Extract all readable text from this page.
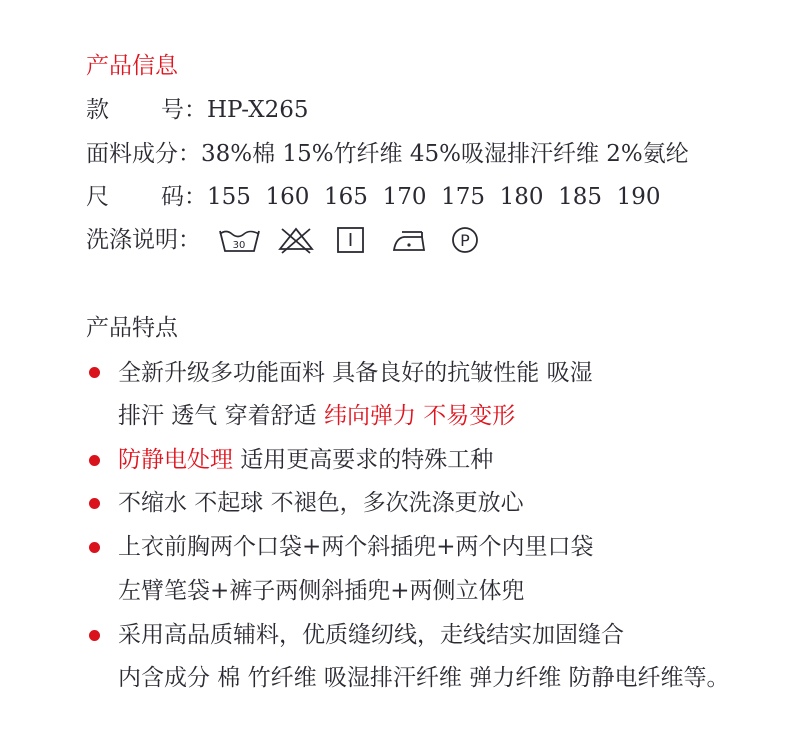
产品信息
款 号：HP-X265
面料成分：38%棉 15%竹纤维 45%吸湿排汗纤维 2%氨纶
尺 码：155  160  165  170  175  180  185  190
洗涤说明：	30	P
产品特点
全新升级多功能面料 具备良好的抗皱性能 吸湿
排汗 透气 穿着舒适 纬向弹力 不易变形
防静电处理 适用更高要求的特殊工种
不缩水 不起球 不褪色，多次洗涤更放心
上衣前胸两个口袋+两个斜插兜+两个内里口袋
左臂笔袋+裤子两侧斜插兜+两侧立体兜
采用高品质辅料，优质缝纫线，走线结实加固缝合
内含成分 棉 竹纤维 吸湿排汗纤维 弹力纤维 防静电纤维等。
